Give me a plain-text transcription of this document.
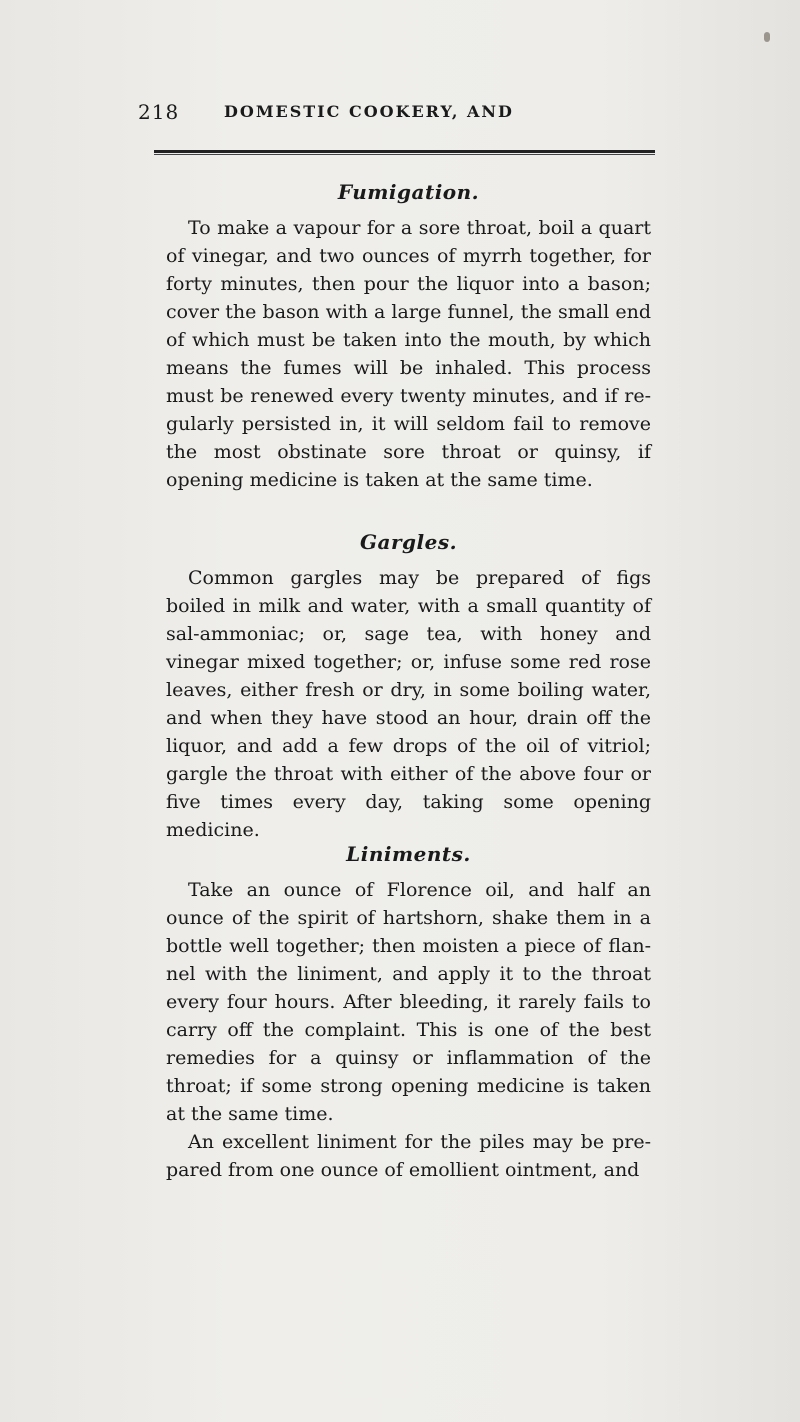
218	DOMESTIC COOKERY, AND
Fumigation.

To make a vapour for a sore throat, boil a quart of vinegar, and two ounces of myrrh together, for forty minutes, then pour the liquor into a bason; cover the bason with a large funnel, the small end of which must be taken into the mouth, by which means the fumes will be inhaled. This process must be renewed every twenty minutes, and if regularly persisted in, it will seldom fail to remove the most obstinate sore throat or quinsy, if opening medicine is taken at the same time.

Gargles.

Common gargles may be prepared of figs boiled in milk and water, with a small quantity of sal-ammoniac; or, sage tea, with honey and vinegar mixed together; or, infuse some red rose leaves, either fresh or dry, in some boiling water, and when they have stood an hour, drain off the liquor, and add a few drops of the oil of vitriol; gargle the throat with either of the above four or five times every day, taking some opening medicine.

Liniments.

Take an ounce of Florence oil, and half an ounce of the spirit of hartshorn, shake them in a bottle well together; then moisten a piece of flannel with the liniment, and apply it to the throat every four hours. After bleeding, it rarely fails to carry off the complaint. This is one of the best remedies for a quinsy or inflammation of the throat; if some strong opening medicine is taken at the same time.

An excellent liniment for the piles may be prepared from one ounce of emollient ointment, and
